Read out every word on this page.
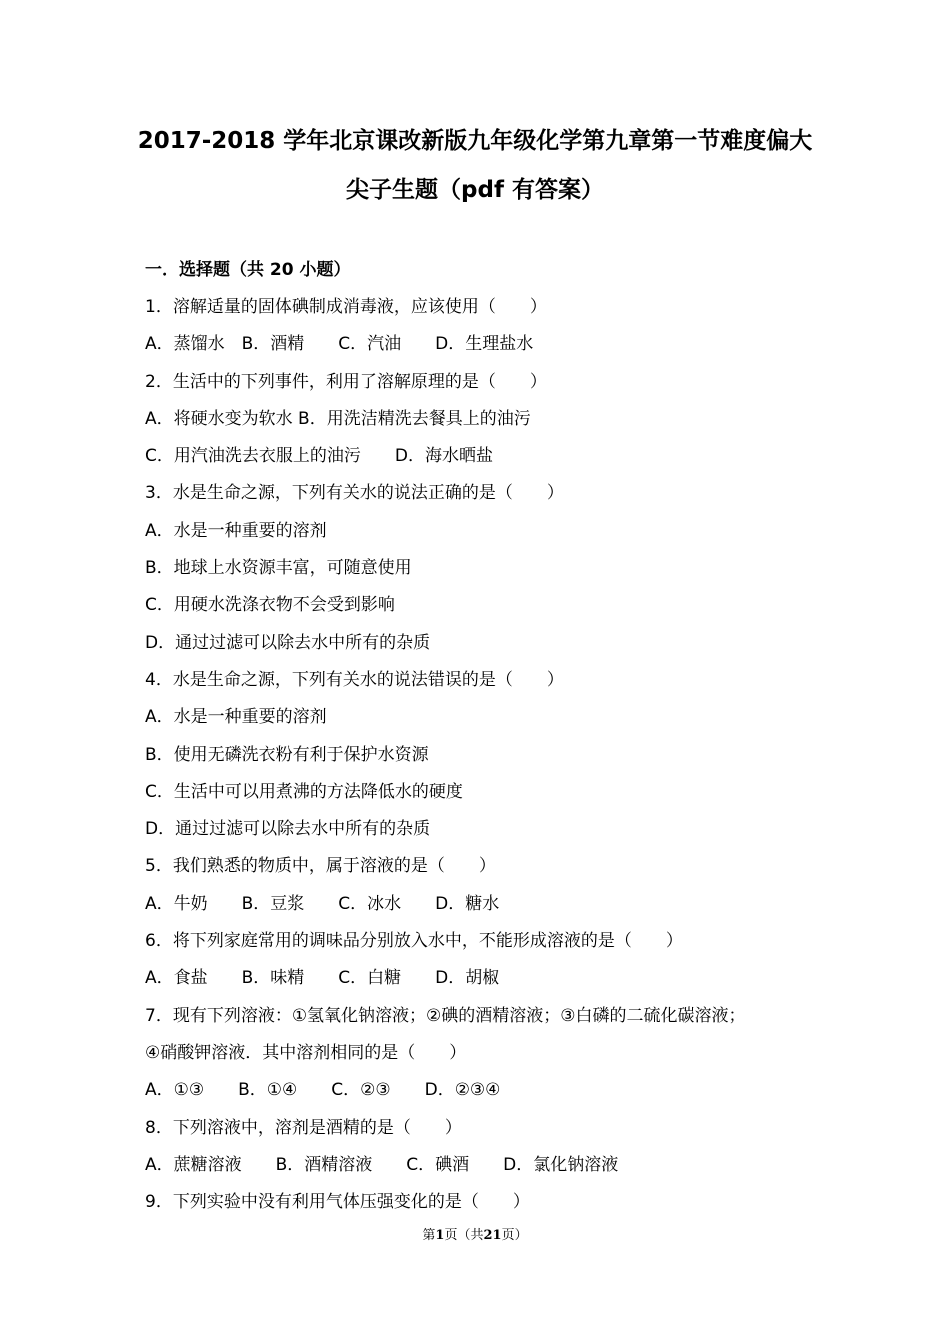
2017-2018 学年北京课改新版九年级化学第九章第一节难度偏大
尖子生题（pdf 有答案）
一．选择题（共 20 小题）
1．溶解适量的固体碘制成消毒液，应该使用（　　）
A．蒸馏水　B．酒精　　C．汽油　　D．生理盐水
2．生活中的下列事件，利用了溶解原理的是（　　）
A．将硬水变为软水 B．用洗洁精洗去餐具上的油污
C．用汽油洗去衣服上的油污　　D．海水晒盐
3．水是生命之源，下列有关水的说法正确的是（　　）
A．水是一种重要的溶剂
B．地球上水资源丰富，可随意使用
C．用硬水洗涤衣物不会受到影响
D．通过过滤可以除去水中所有的杂质
4．水是生命之源，下列有关水的说法错误的是（　　）
A．水是一种重要的溶剂
B．使用无磷洗衣粉有利于保护水资源
C．生活中可以用煮沸的方法降低水的硬度
D．通过过滤可以除去水中所有的杂质
5．我们熟悉的物质中，属于溶液的是（　　）
A．牛奶　　B．豆浆　　C．冰水　　D．糖水
6．将下列家庭常用的调味品分别放入水中，不能形成溶液的是（　　）
A．食盐　　B．味精　　C．白糖　　D．胡椒
7．现有下列溶液：①氢氧化钠溶液；②碘的酒精溶液；③白磷的二硫化碳溶液；
④硝酸钾溶液．其中溶剂相同的是（　　）
A．①③　　B．①④　　C．②③　　D．②③④
8．下列溶液中，溶剂是酒精的是（　　）
A．蔗糖溶液　　B．酒精溶液　　C．碘酒　　D．氯化钠溶液
9．下列实验中没有利用气体压强变化的是（　　）
第1页（共21页）
